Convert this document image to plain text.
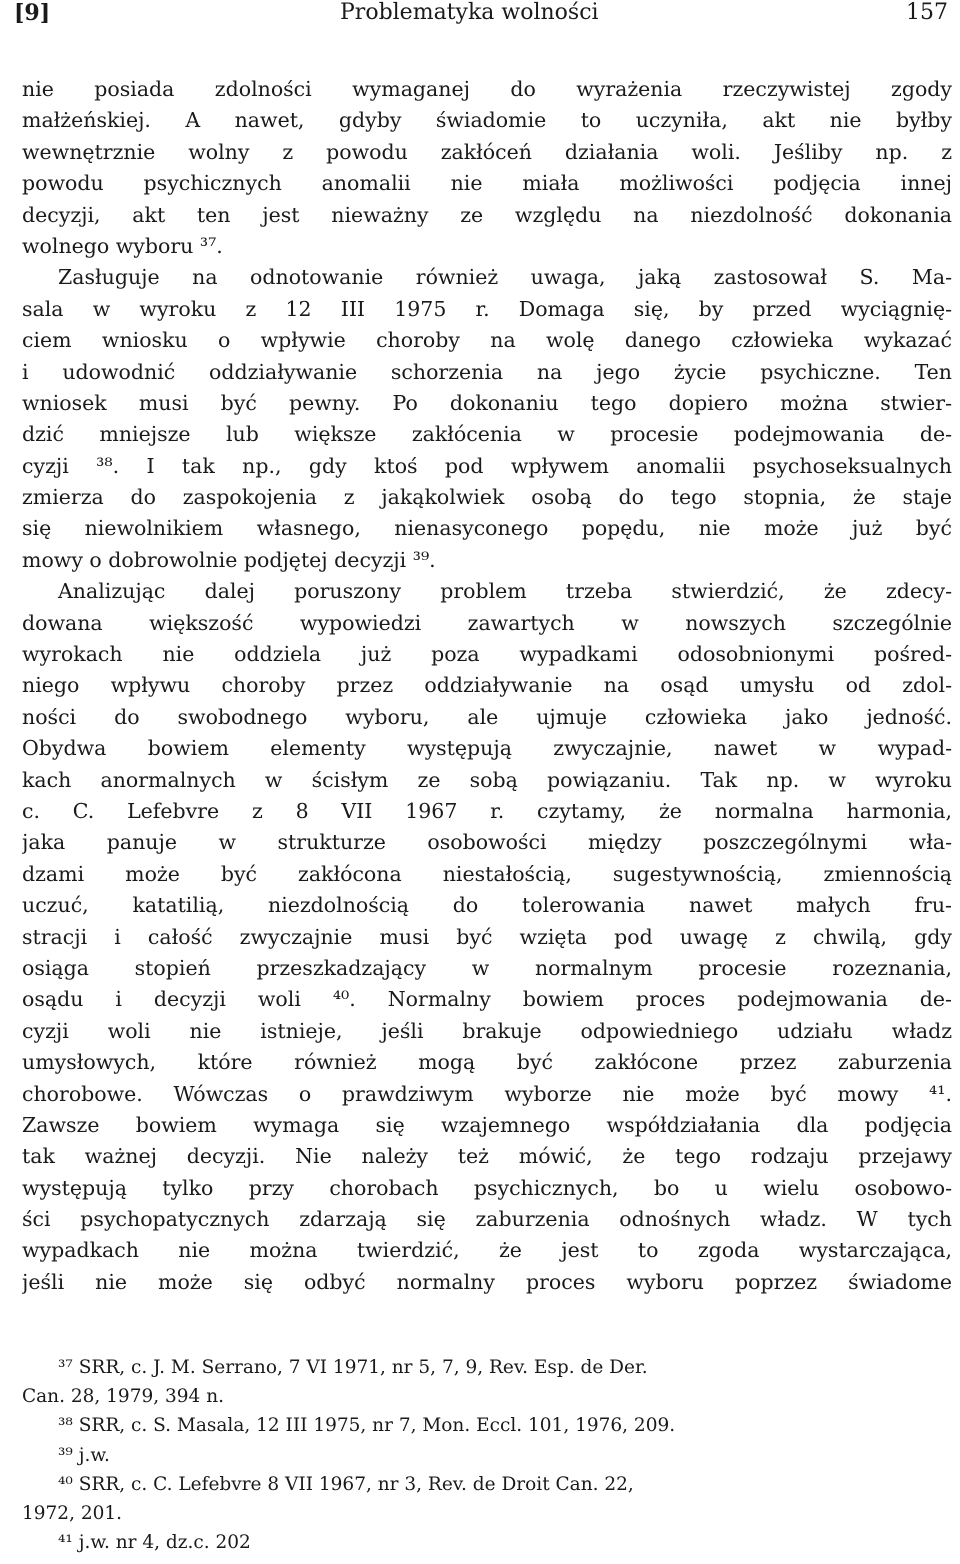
[9]	Problematyka wolności	157
nie posiada zdolności wymaganej do wyrażenia rzeczywistej zgody
małżeńskiej. A nawet, gdyby świadomie to uczyniła, akt nie byłby
wewnętrznie wolny z powodu zakłóceń działania woli. Jeśliby np. z
powodu psychicznych anomalii nie miała możliwości podjęcia innej
decyzji, akt ten jest nieważny ze względu na niezdolność dokonania
wolnego wyboru ³⁷.
Zasługuje na odnotowanie również uwaga, jaką zastosował S. Ma-
sala w wyroku z 12 III 1975 r. Domaga się, by przed wyciągnię-
ciem wniosku o wpływie choroby na wolę danego człowieka wykazać
i udowodnić oddziaływanie schorzenia na jego życie psychiczne. Ten
wniosek musi być pewny. Po dokonaniu tego dopiero można stwier-
dzić mniejsze lub większe zakłócenia w procesie podejmowania de-
cyzji ³⁸. I tak np., gdy ktoś pod wpływem anomalii psychoseksualnych
zmierza do zaspokojenia z jakąkolwiek osobą do tego stopnia, że staje
się niewolnikiem własnego, nienasyconego popędu, nie może już być
mowy o dobrowolnie podjętej decyzji ³⁹.
Analizując dalej poruszony problem trzeba stwierdzić, że zdecy-
dowana większość wypowiedzi zawartych w nowszych szczególnie
wyrokach nie oddziela już poza wypadkami odosobnionymi pośred-
niego wpływu choroby przez oddziaływanie na osąd umysłu od zdol-
ności do swobodnego wyboru, ale ujmuje człowieka jako jedność.
Obydwa bowiem elementy występują zwyczajnie, nawet w wypad-
kach anormalnych w ścisłym ze sobą powiązaniu. Tak np. w wyroku
c. C. Lefebvre z 8 VII 1967 r. czytamy, że normalna harmonia,
jaka panuje w strukturze osobowości między poszczególnymi wła-
dzami może być zakłócona niestałością, sugestywnością, zmiennością
uczuć, katatilią, niezdolnością do tolerowania nawet małych fru-
stracji i całość zwyczajnie musi być wzięta pod uwagę z chwilą, gdy
osiąga stopień przeszkadzający w normalnym procesie rozeznania,
osądu i decyzji woli ⁴⁰. Normalny bowiem proces podejmowania de-
cyzji woli nie istnieje, jeśli brakuje odpowiedniego udziału władz
umysłowych, które również mogą być zakłócone przez zaburzenia
chorobowe. Wówczas o prawdziwym wyborze nie może być mowy ⁴¹.
Zawsze bowiem wymaga się wzajemnego współdziałania dla podjęcia
tak ważnej decyzji. Nie należy też mówić, że tego rodzaju przejawy
występują tylko przy chorobach psychicznych, bo u wielu osobowo-
ści psychopatycznych zdarzają się zaburzenia odnośnych władz. W tych
wypadkach nie można twierdzić, że jest to zgoda wystarczająca,
jeśli nie może się odbyć normalny proces wyboru poprzez świadome
³⁷ SRR, c. J. M. Serrano, 7 VI 1971, nr 5, 7, 9, Rev. Esp. de Der.
Can. 28, 1979, 394 n.
³⁸ SRR, c. S. Masala, 12 III 1975, nr 7, Mon. Eccl. 101, 1976, 209.
³⁹ j.w.
⁴⁰ SRR, c. C. Lefebvre 8 VII 1967, nr 3, Rev. de Droit Can. 22,
1972, 201.
⁴¹ j.w. nr 4, dz.c. 202
